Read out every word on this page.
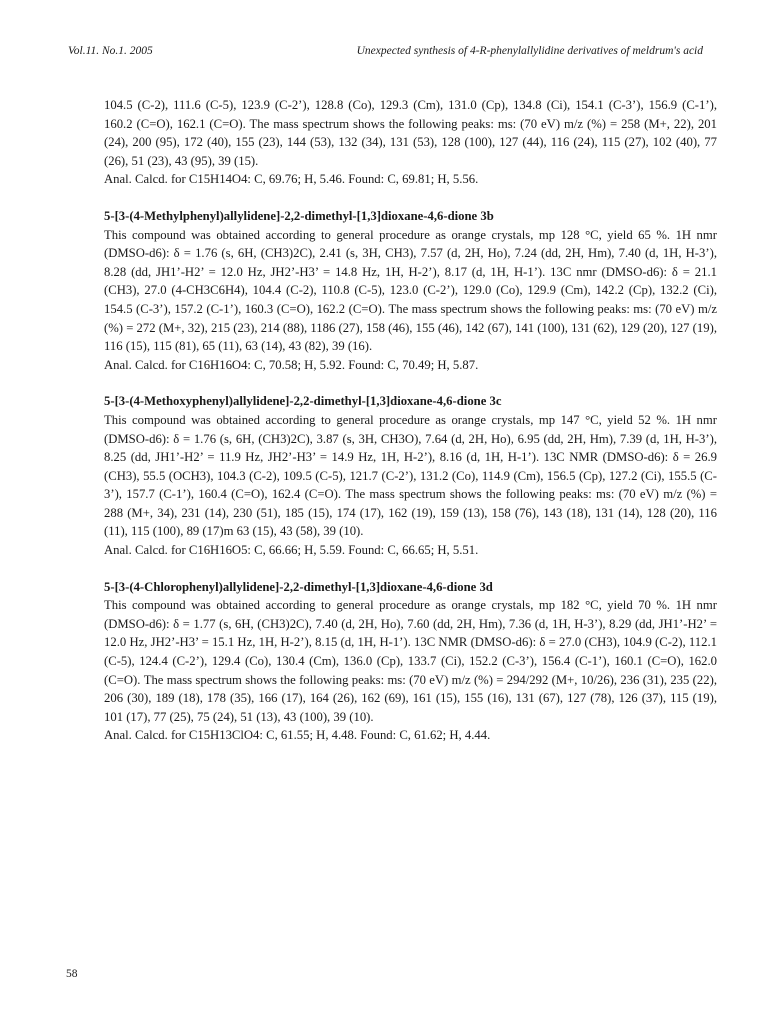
Vol.11. No.1. 2005	Unexpected synthesis of 4-R-phenylallylidine derivatives of meldrum's acid

104.5 (C-2), 111.6 (C-5), 123.9 (C-2’), 128.8 (Co), 129.3 (Cm), 131.0 (Cp), 134.8 (Ci), 154.1 (C-3’), 156.9 (C-1’), 160.2 (C=O), 162.1 (C=O). The mass spectrum shows the following peaks: ms: (70 eV) m/z (%) = 258 (M+, 22), 201 (24), 200 (95), 172 (40), 155 (23), 144 (53), 132 (34), 131 (53), 128 (100), 127 (44), 116 (24), 115 (27), 102 (40), 77 (26), 51 (23), 43 (95), 39 (15).

Anal. Calcd. for C15H14O4: C, 69.76; H, 5.46. Found: C, 69.81; H, 5.56.

5-[3-(4-Methylphenyl)allylidene]-2,2-dimethyl-[1,3]dioxane-4,6-dione 3b

This compound was obtained according to general procedure as orange crystals, mp 128 °C, yield 65 %. 1H nmr (DMSO-d6): δ = 1.76 (s, 6H, (CH3)2C), 2.41 (s, 3H, CH3), 7.57 (d, 2H, Ho), 7.24 (dd, 2H, Hm), 7.40 (d, 1H, H-3’), 8.28 (dd, JH1’-H2’ = 12.0 Hz, JH2’-H3’ = 14.8 Hz, 1H, H-2’), 8.17 (d, 1H, H-1’). 13C nmr (DMSO-d6): δ = 21.1 (CH3), 27.0 (4-CH3C6H4), 104.4 (C-2), 110.8 (C-5), 123.0 (C-2’), 129.0 (Co), 129.9 (Cm), 142.2 (Cp), 132.2 (Ci), 154.5 (C-3’), 157.2 (C-1’), 160.3 (C=O), 162.2 (C=O). The mass spectrum shows the following peaks: ms: (70 eV) m/z (%) = 272 (M+, 32), 215 (23), 214 (88), 1186 (27), 158 (46), 155 (46), 142 (67), 141 (100), 131 (62), 129 (20), 127 (19), 116 (15), 115 (81), 65 (11), 63 (14), 43 (82), 39 (16).

Anal. Calcd. for C16H16O4: C, 70.58; H, 5.92. Found: C, 70.49; H, 5.87.

5-[3-(4-Methoxyphenyl)allylidene]-2,2-dimethyl-[1,3]dioxane-4,6-dione 3c

This compound was obtained according to general procedure as orange crystals, mp 147 °C, yield 52 %. 1H nmr (DMSO-d6): δ = 1.76 (s, 6H, (CH3)2C), 3.87 (s, 3H, CH3O), 7.64 (d, 2H, Ho), 6.95 (dd, 2H, Hm), 7.39 (d, 1H, H-3’), 8.25 (dd, JH1’-H2’ = 11.9 Hz, JH2’-H3’ = 14.9 Hz, 1H, H-2’), 8.16 (d, 1H, H-1’). 13C NMR (DMSO-d6): δ = 26.9 (CH3), 55.5 (OCH3), 104.3 (C-2), 109.5 (C-5), 121.7 (C-2’), 131.2 (Co), 114.9 (Cm), 156.5 (Cp), 127.2 (Ci), 155.5 (C-3’), 157.7 (C-1’), 160.4 (C=O), 162.4 (C=O). The mass spectrum shows the following peaks: ms: (70 eV) m/z (%) = 288 (M+, 34), 231 (14), 230 (51), 185 (15), 174 (17), 162 (19), 159 (13), 158 (76), 143 (18), 131 (14), 128 (20), 116 (11), 115 (100), 89 (17)m 63 (15), 43 (58), 39 (10).

Anal. Calcd. for C16H16O5: C, 66.66; H, 5.59. Found: C, 66.65; H, 5.51.

5-[3-(4-Chlorophenyl)allylidene]-2,2-dimethyl-[1,3]dioxane-4,6-dione 3d

This compound was obtained according to general procedure as orange crystals, mp 182 °C, yield 70 %. 1H nmr (DMSO-d6): δ = 1.77 (s, 6H, (CH3)2C), 7.40 (d, 2H, Ho), 7.60 (dd, 2H, Hm), 7.36 (d, 1H, H-3’), 8.29 (dd, JH1’-H2’ = 12.0 Hz, JH2’-H3’ = 15.1 Hz, 1H, H-2’), 8.15 (d, 1H, H-1’). 13C NMR (DMSO-d6): δ = 27.0 (CH3), 104.9 (C-2), 112.1 (C-5), 124.4 (C-2’), 129.4 (Co), 130.4 (Cm), 136.0 (Cp), 133.7 (Ci), 152.2 (C-3’), 156.4 (C-1’), 160.1 (C=O), 162.0 (C=O). The mass spectrum shows the following peaks: ms: (70 eV) m/z (%) = 294/292 (M+, 10/26), 236 (31), 235 (22), 206 (30), 189 (18), 178 (35), 166 (17), 164 (26), 162 (69), 161 (15), 155 (16), 131 (67), 127 (78), 126 (37), 115 (19), 101 (17), 77 (25), 75 (24), 51 (13), 43 (100), 39 (10).

Anal. Calcd. for C15H13ClO4: C, 61.55; H, 4.48. Found: C, 61.62; H, 4.44.

58
